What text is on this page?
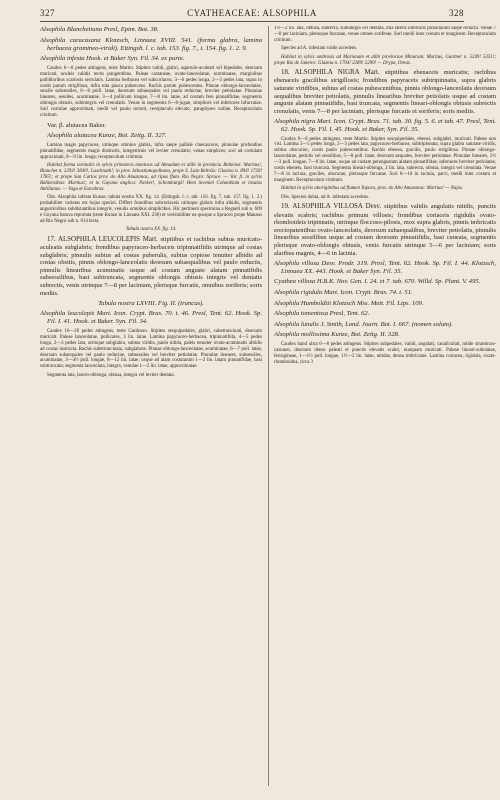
327	CYATHEACEAE: ALSOPHILA	328

Alsophila Blanchetiana Presl, Epim. Bot. 38.

Alsophila caracasana Klotzsch, Linnaea XVIII. 541. (forma glabra, lamina herbacea gramineo-viridi). Ettingsh. l. c. tab. 153. fig. 7., t. 154. fig. 1. 2. 9.

Alsophila infesta Hook. et Baker Syn. Fil. 34. ex parte.

Caudex 6—8 pedes attingens, teste Martio. Stipites validi, glabri, asperulo-aculeati vel bipedales, deorsum muricati, aculeis validis rectis pungentibus. Paleae castaneae, ovato-lanceolatae, acuminatae, marginibus pallidioribus scariosis serrulatis. Lamina herbacea vel subcoriacea, 3—6 pedes longa, 2—3 pedes lata, supra in costis parum strigillosa, infra tota pauca pubescens. Rachis parum pubescentes. Pinnae oblongo-lanceolatae, sessile subsessiles, 6—8 polll. latae, deorsum subaequales vel paulo reductae, breviter petiolatae. Pinnulae lineares, sessiles, acuminatae, 3—4 pollicum longae, 7—8 lin. latae, ad costam fere pinnatifidae, segmentis oblongis obtusis, subintegris vel crenulatis. Venae in segmentis 6—8-jugae, simplices vel inferiores bifurcatae. Sori costulae approximati, medii vel paulo remoti, receptaculo elevato; paraphyses nullae. Receptaculum crinitum.

Var. β. alutacea Baker.

Alsophila alutacea Kunze, Bot. Zeitg. II. 327.

Lamina magis papyracea, utrinque omnino glabra, infra saepe pallide cinerascens, pinnulae profundius pinnatifidae, segmentis magis distinctis, integerrimis vel leviter crenulatis; venae simplices; sori ad costulam approximati, 8—9 lin. longa; receptaculum crinitum.

Habitat forma normalis in sylvis primaevis montosis ad Almadam et alibi in provincia Bahiensi: Martius!, Blanchet n. 2293! 3840!, Luschnath!; in prov. Sebastianopolitana, prope S. Luiz-Beltrão: Glaziou n. 894! 1720! 1785!; et prope San Carlos prov. do Alto Amazonas, ad ripas flum. Rio Negro: Spruce. — Var. β. in sylvis Bahiensibus: Martius!; et in Guyana anglica: Parker!, Schomburgk! Hem inveniet Columbiam et insulas Antillanas. — Vaga et Extrabras.

Obs. Alsophila infesta Kunze, tabula nostra XX. fig. 14. (Ettingsh. l. c. tab. 156. fig. 7, tab. 157. fig. 1. 2.) probabiliter varietas est hujus speciei. Differt frondibus subcoriaceis utrinque glabris infra albidis, segmentis angustioribus subdistantibus integris, venulis omnibus simplicibus. Hic pertinent specimina a Regnell sub n. 669 e Guyana batava reportata (teste Kunze in Linnaea XXI. 236) et verisimiliter ea quoque a Spruceo prope Manaos ad Rio Negro sub n. 614 lecta.

Tabula nostra XX. fig. 14.

17. ALSOPHILA LEUCOLEPIS Mart. stipitibus et rachibus subtus muricato-aculeatis subglabris; frondibus papyraceo-herbaceis tripinnatifidis utrinque ad costas subglabris; pinnulis subtus ad costas puberulis, subtus copiose tenuiter albidis ad costas obsitis, pinnis oblongo-lanceolatis deorsum subaequalibus vel paulo reductis, pinnulis linearibus acuminatis usque ad costam anguste alatam pinnatifidis subsessilibus, basi subtruncata, segmentis oblongis obtusis integris vel dentatis subrectis, venis utrinque 7—8 per laciniam, plerisque furcatis, omnibus soriferis; soris mediis.

Tabula nostra LXVIII. Fig. II. (truncus).

Alsophila leucolepis Mart. Icon. Crypt. Bras. 70. t. 46. Presl, Tent. 62. Hook. Sp. Fil. I. 41. Hook. et Baker. Syn. Fil. 34.

Caudex 16—20 pedes attingens, teste Gardnero. Stipites sesquipedales, glabri, subetruncinati, deorsum muricati. Paleae lanceolatae, pollicares, 3 lin. latae. Lamina papyraceo-herbacea, tripinnatifida, 4—5 pedes longa, 2—3 pedes lata, utrinque subglabra, subtus viridis, paulo nitida, paleis tenuiter ovato-acuminatis albidis ad costas instructa. Rachis subetruncinata, subglabrae. Pinnae oblongo-lanceolatae, acuminatae, 6—7 poll. latae, deorsum subaequales vel paulo reductae, subsessiles vel breviter petiolatae. Pinnulae lineares, subsessiles, acuminatae, 3—4½ poll. longae, 8—12 lin. latae, usque ad alam costularum 1—2 lin. latam pinnatifidae, basi subtruncata; segmenta lanceolata, integra, venulae 1—2 lin. latae, approximatae.

Segmenta lata, lancei-oblonga, obtusa, integra vel leviter dentata.

1½—2 lin. lata, obtusa, subrecta, subintegra vel dentata, ima lateris inferioris pinnularum saepe reducta. Venae 7—8 per laciniam, plerasque furcatae, venae omnes soriferae. Sori medii inter costam et marginem. Receptaculum crinitum.

Species ad A. infestam valde accedens.

Habitat in sylvis umbrosis ad Marianam et alibi provinciae Minarum: Martius, Gardner n. 5249! 5351!; prope Rio de Janeiro: Glaziou n. 1704! 2289! 2290! — Drypa, Oreas.

18. ALSOPHILA NIGRA Mart. stipitibus ebenaceis muricatis; rachibus ebenaceis gracilibus strigillosis; frondibus papyraceis subtripinnatis, supra glabris saturate viridibus, subtus ad costas pubescentibus, pinnis oblongo-lanceolatis deorsum aequalibus breviter petiolatis, pinnulis linearibus breviter petiolatis usque ad costam anguste alatam pinnatifidis, basi truncata, segmentis lineari-oblongis obtusis subrectis crenulatis, venis 7—8 per laciniam, plerisque furcatis et soriferis; soris mediis.

Alsophila nigra Mart. Icon. Crypt. Bras. 71. tab. 30. fig. 5. 6. et tab. 47. Presl, Tent. 62. Hook. Sp. Fil. I. 45. Hook. et Baker, Syn. Fil. 35.

Caudex 6—8 pedes attingens, teste Martio. Stipites sesquipedales, ebenei, subglabri, muricati. Paleae non visi. Lamina 3—5 pedes longa, 2—3 pedes lata, papyraceo-herbacea, subtripinnata, supra glabra saturate viridis, subtus obscurior, costis paulo pubescentibus. Rachis ebenea, gracilis, paulo strigillosa. Pinnae oblongo-lanceolatae, petiolis vel sessilibus, 5—8 poll. latae, deorsum aequales, breviter petiolatae. Pinnulae lineares, 2½—3 poll. longae, 7—8 lin. latae, usque ad costam perangustam alatam pinnatifidae, inferiores breviter petiolatae, costis ebeneis, basi truncata. Segmenta lineari-oblonga, 2 lin. lata, subrecta, obtusa, integra vel crenulata. Venae 7—8 in lacinia, graciles, obscurae, plerasque furcatae. Sori 8—10 in lacinia, parvi, medii inter costam et marginem. Receptaculum crinitum.

Habitat in sylvis aboriginibus ad flumen Yapura, prov. do Alto Amazonas: Martius! — Najas.

Obs. Species dubia, ad A. infestam accedens.

19. ALSOPHILA VILLOSA Desv. stipitibus validis angulatis nitidis, punctis elevatis scabris; rachibus primum villosis; frondibus coriaceis rigidulis ovato-rhomboideis tripinnatis, utrinque floccoso-pilosis, mox supra glabris, pinnis imbricatis erectopatentibus ovato-lanceolatis, deorsum subaequalibus, breviter petiolatis, pinnulis linearibus sessilibus usque ad costam deorsum pinnatifidis, basi cuneata, segmentis plerisque ovato-oblongis obtusis, venis furcatis utrinque 5—6 per laciniam; soris alaribus magnis, 4—6 in lacinia.

Alsophila villosa Desv. Prodr. 319. Presl, Tent. 62. Hook. Sp. Fil. I. 44. Klotzsch, Linnaea XX. 443. Hook. et Baker Syn. Fil. 35.

Cyathea villosa H.B.K. Nov. Gen. I. 24. et 7. tab. 670. Willd. Sp. Plant. V. 495.

Alsophila rigidula Mart. Icon. Crypt. Bras. 74. t. 51.

Alsophila Humboldtii Klotzsch Mss. Mett. Fil. Lips. 109.

Alsophila tomentosa Presl, Tent. 62.

Alsophila lunulis J. Smith, Lond. Journ. Bot. I. 667. (nomen solum).

Alsophila mollissima Kunze, Bot. Zeitg. II. 328.

Caudex hand ultra 6—8 pedes attingens. Stipites subpedales, validi, angulati, canaliculati, nitide straminco-castanei, deorsum dense paleati et punctis elevatis scabri, nunquam muricati. Paleae lineari-subulatae, ferrugineae, 1—1½ poll. longae, 1½—2 lin. latae, nitidae, densa imbricatae. Lamina coriacea, rigidula, ovato-rhomboidea, circa 3
